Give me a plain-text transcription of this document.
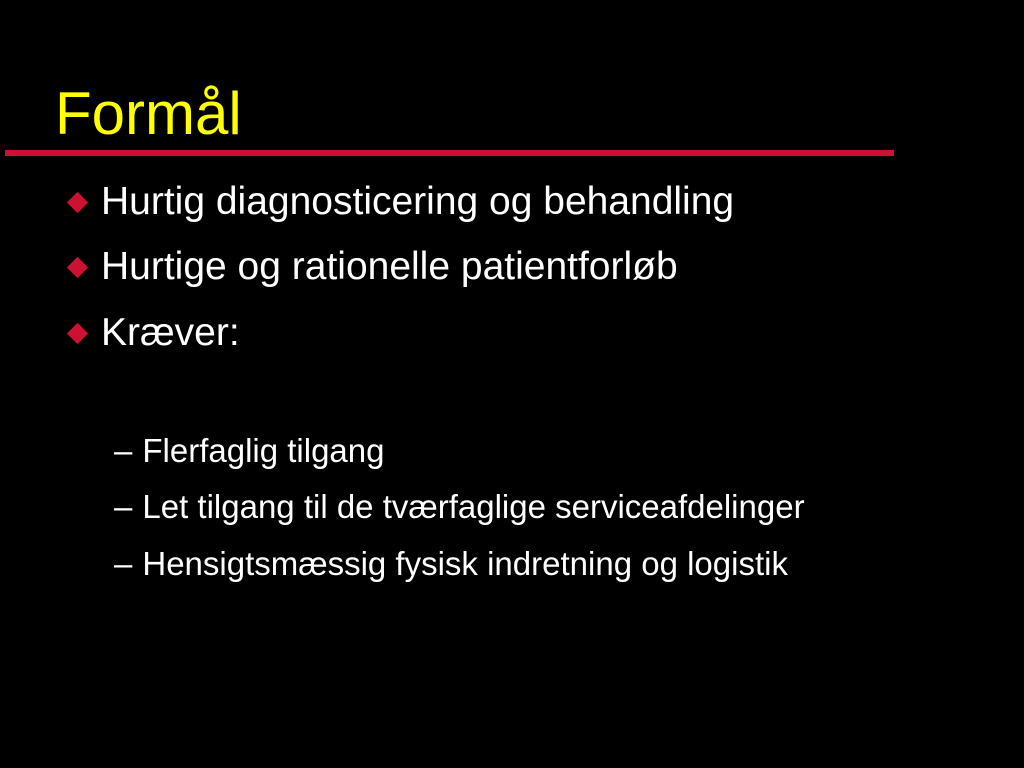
Formål
Hurtig diagnosticering og behandling
Hurtige og rationelle patientforløb
Kræver:
– Flerfaglig tilgang
– Let tilgang til de tværfaglige serviceafdelinger
– Hensigtsmæssig fysisk indretning og logistik
